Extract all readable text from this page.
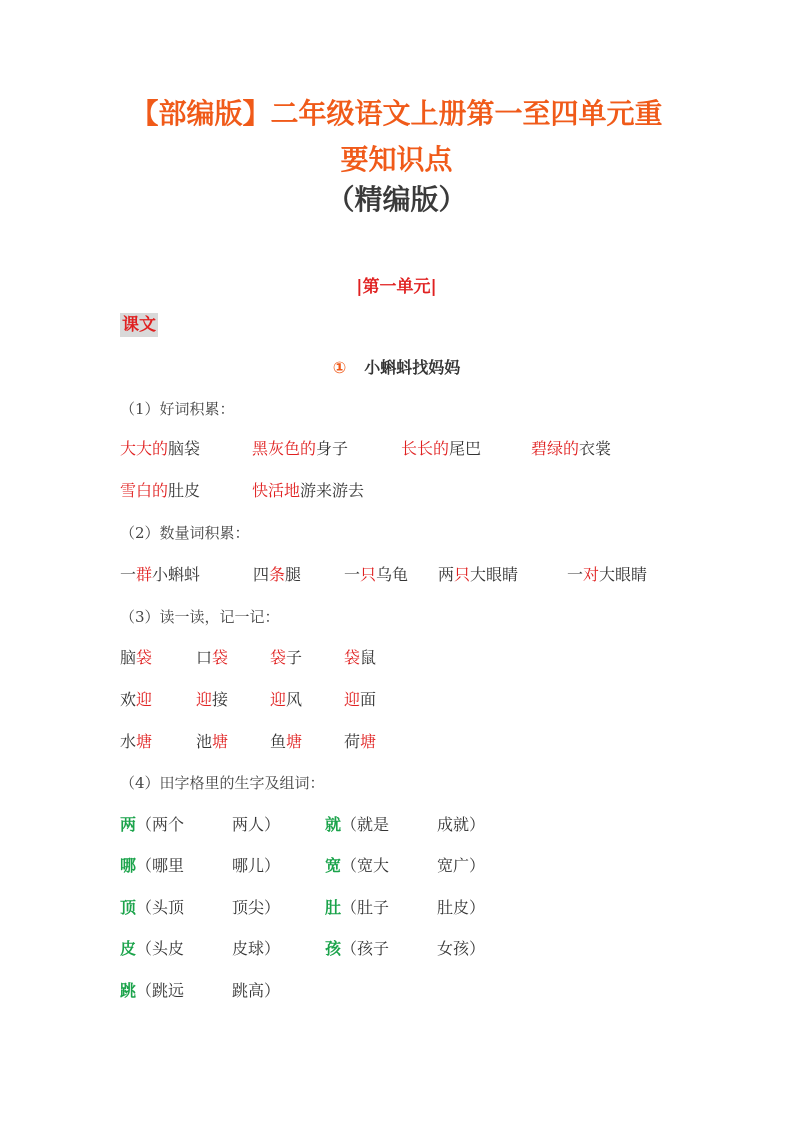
【部编版】二年级语文上册第一至四单元重
要知识点
（精编版）
|第一单元|
课文
① 小蝌蚪找妈妈
（1）好词积累：
大大的脑袋	黑灰色的身子	长长的尾巴	碧绿的衣裳
雪白的肚皮	快活地游来游去
（2）数量词积累：
一群小蝌蚪	四条腿	一只乌龟 两只大眼睛	一对大眼睛
（3）读一读，记一记：
脑袋	口袋	袋子	袋鼠
欢迎	迎接	迎风	迎面
水塘	池塘	鱼塘	荷塘
（4）田字格里的生字及组词：
两（两个	两人）	就（就是	成就）
哪（哪里	哪儿）	宽（宽大	宽广）
顶（头顶	顶尖）	肚（肚子	肚皮）
皮（头皮	皮球）	孩（孩子	女孩）
跳（跳远	跳高）
